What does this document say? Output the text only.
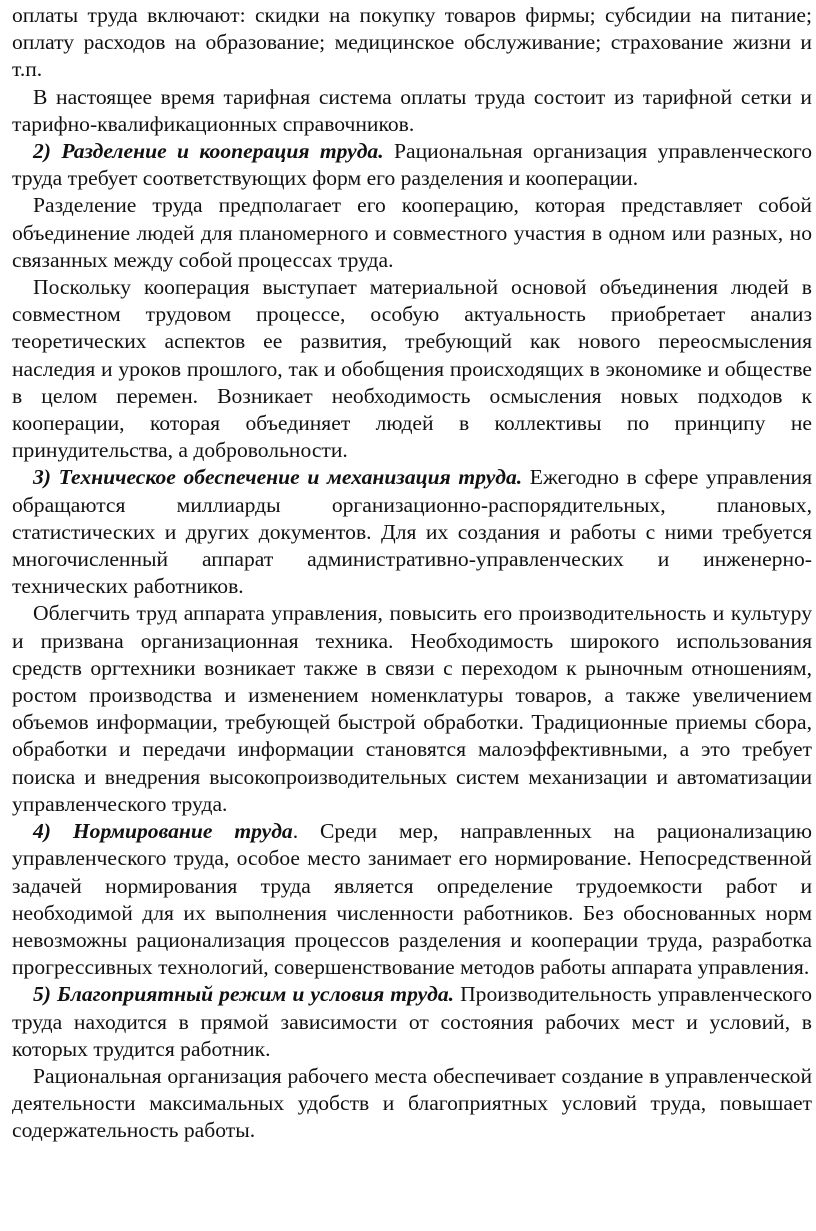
оплаты труда включают: скидки на покупку товаров фирмы; субсидии на питание; оплату расходов на образование; медицинское обслуживание; страхование жизни и т.п.

В настоящее время тарифная система оплаты труда состоит из тарифной сетки и тарифно-квалификационных справочников.

2) Разделение и кооперация труда. Рациональная организация управленческого труда требует соответствующих форм его разделения и кооперации.

Разделение труда предполагает его кооперацию, которая представляет собой объединение людей для планомерного и совместного участия в одном или разных, но связанных между собой процессах труда.

Поскольку кооперация выступает материальной основой объединения людей в совместном трудовом процессе, особую актуальность приобретает анализ теоретических аспектов ее развития, требующий как нового переосмысления наследия и уроков прошлого, так и обобщения происходящих в экономике и обществе в целом перемен. Возникает необходимость осмысления новых подходов к кооперации, которая объединяет людей в коллективы по принципу не принудительства, а добровольности.

3) Техническое обеспечение и механизация труда. Ежегодно в сфере управления обращаются миллиарды организационно-распорядительных, плановых, статистических и других документов. Для их создания и работы с ними требуется многочисленный аппарат административно-управленческих и инженерно-технических работников.

Облегчить труд аппарата управления, повысить его производительность и культуру и призвана организационная техника. Необходимость широкого использования средств оргтехники возникает также в связи с переходом к рыночным отношениям, ростом производства и изменением номенклатуры товаров, а также увеличением объемов информации, требующей быстрой обработки. Традиционные приемы сбора, обработки и передачи информации становятся малоэффективными, а это требует поиска и внедрения высокопроизводительных систем механизации и автоматизации управленческого труда.

4) Нормирование труда. Среди мер, направленных на рационализацию управленческого труда, особое место занимает его нормирование. Непосредственной задачей нормирования труда является определение трудоемкости работ и необходимой для их выполнения численности работников. Без обоснованных норм невозможны рационализация процессов разделения и кооперации труда, разработка прогрессивных технологий, совершенствование методов работы аппарата управления.

5) Благоприятный режим и условия труда. Производительность управленческого труда находится в прямой зависимости от состояния рабочих мест и условий, в которых трудится работник.

Рациональная организация рабочего места обеспечивает создание в управленческой деятельности максимальных удобств и благоприятных условий труда, повышает содержательность работы.
